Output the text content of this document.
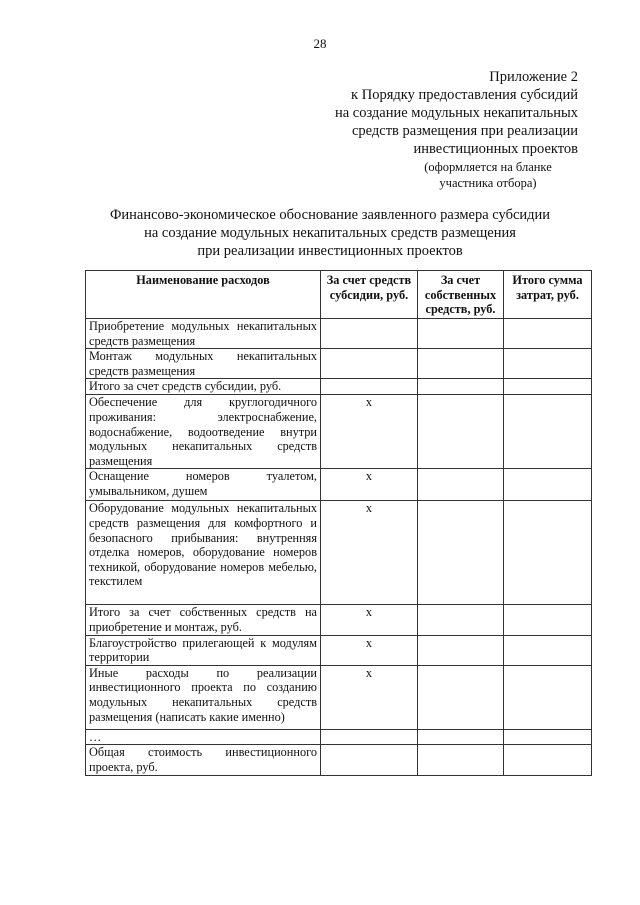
28
Приложение 2
к Порядку предоставления субсидий
на создание модульных некапитальных
средств размещения при реализации
инвестиционных проектов
(оформляется на бланке участника отбора)
Финансово-экономическое обоснование заявленного размера субсидии
на создание модульных некапитальных средств размещения
при реализации инвестиционных проектов
Наименование расходов	За счет средств субсидии, руб.	За счет собственных средств, руб.	Итого сумма затрат, руб.
Приобретение модульных некапитальных средств размещения			
Монтаж модульных некапитальных средств размещения			
Итого за счет средств субсидии, руб.			
Обеспечение для круглогодичного проживания: электроснабжение, водоснабжение, водоотведение внутри модульных некапитальных средств размещения	х		
Оснащение номеров туалетом, умывальником, душем	х		
Оборудование модульных некапитальных средств размещения для комфортного и безопасного прибывания: внутренняя отделка номеров, оборудование номеров техникой, оборудование номеров мебелью, текстилем	х		
Итого за счет собственных средств на приобретение и монтаж, руб.	х		
Благоустройство прилегающей к модулям территории	х		
Иные расходы по реализации инвестиционного проекта по созданию модульных некапитальных средств размещения (написать какие именно)	х		
…			
Общая стоимость инвестиционного проекта, руб.			
